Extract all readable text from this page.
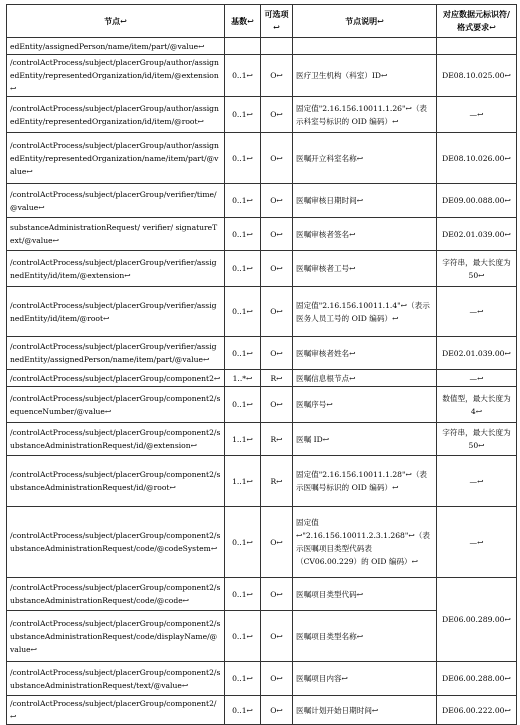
节点↩	基数↩	可选项↩	节点说明↩	对应数据元标识符/格式要求↩
edEntity/assignedPerson/name/item/part/@value↩				
/controlActProcess/subject/placerGroup/author/assignedEntity/representedOrganization/id/item/@extension↩	0..1↩	O↩	医疗卫生机构（科室）ID↩	DE08.10.025.00↩
/controlActProcess/subject/placerGroup/author/assignedEntity/representedOrganization/id/item/@root↩	0..1↩	O↩	固定值"2.16.156.10011.1.26"↩（表示科室号标识的 OID 编码）↩	—↩
/controlActProcess/subject/placerGroup/author/assignedEntity/representedOrganization/name/item/part/@value↩	0..1↩	O↩	医嘱开立科室名称↩	DE08.10.026.00↩
/controlActProcess/subject/placerGroup/verifier/time/@value↩	0..1↩	O↩	医嘱审核日期时间↩	DE09.00.088.00↩
substanceAdministrationRequest/ verifier/ signatureText/@value↩	0..1↩	O↩	医嘱审核者签名↩	DE02.01.039.00↩
/controlActProcess/subject/placerGroup/verifier/assignedEntity/id/item/@extension↩	0..1↩	O↩	医嘱审核者工号↩	字符串，最大长度为 50↩
/controlActProcess/subject/placerGroup/verifier/assignedEntity/id/item/@root↩	0..1↩	O↩	固定值"2.16.156.10011.1.4"↩（表示医务人员工号的 OID 编码）↩	—↩
/controlActProcess/subject/placerGroup/verifier/assignedEntity/assignedPerson/name/item/part/@value↩	0..1↩	O↩	医嘱审核者姓名↩	DE02.01.039.00↩
/controlActProcess/subject/placerGroup/component2↩	1..*↩	R↩	医嘱信息根节点↩	—↩
/controlActProcess/subject/placerGroup/component2/sequenceNumber/@value↩	0..1↩	O↩	医嘱序号↩	数值型，最大长度为 4↩
/controlActProcess/subject/placerGroup/component2/substanceAdministrationRequest/id/@extension↩	1..1↩	R↩	医嘱 ID↩	字符串，最大长度为 50↩
/controlActProcess/subject/placerGroup/component2/substanceAdministrationRequest/id/@root↩	1..1↩	R↩	固定值"2.16.156.10011.1.28"↩（表示医嘱号标识的 OID 编码）↩	—↩
/controlActProcess/subject/placerGroup/component2/substanceAdministrationRequest/code/@codeSystem↩	0..1↩	O↩	固定值↩"2.16.156.10011.2.3.1.268"↩（表示医嘱项目类型代码表（CV06.00.229）的 OID 编码）↩	—↩
/controlActProcess/subject/placerGroup/component2/substanceAdministrationRequest/code/@code↩	0..1↩	O↩	医嘱项目类型代码↩	DE06.00.289.00↩
/controlActProcess/subject/placerGroup/component2/substanceAdministrationRequest/code/displayName/@value↩	0..1↩	O↩	医嘱项目类型名称↩	
/controlActProcess/subject/placerGroup/component2/substanceAdministrationRequest/text/@value↩	0..1↩	O↩	医嘱项目内容↩	DE06.00.288.00↩
/controlActProcess/subject/placerGroup/component2/↩	0..1↩	O↩	医嘱计划开始日期时间↩	DE06.00.222.00↩
